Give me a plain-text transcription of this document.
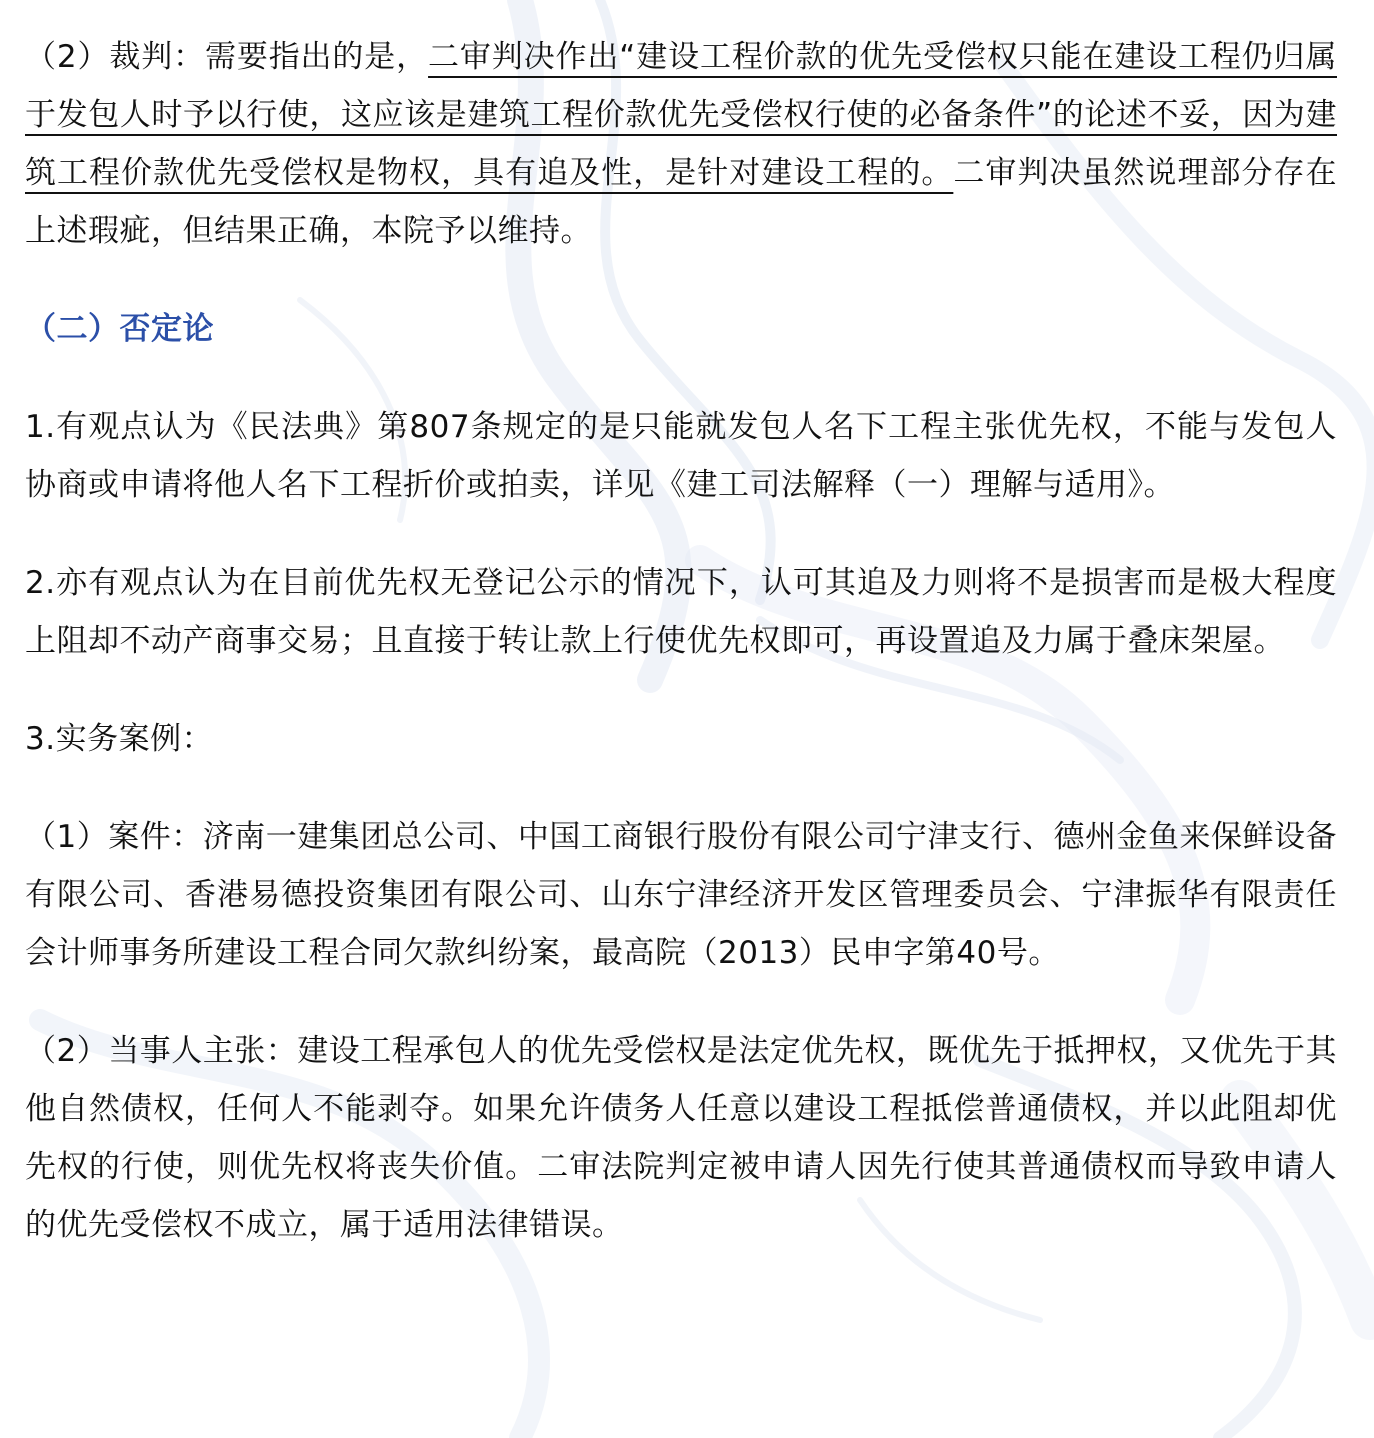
（2）裁判：需要指出的是，二审判决作出“建设工程价款的优先受偿权只能在建设工程仍归属于发包人时予以行使，这应该是建筑工程价款优先受偿权行使的必备条件”的论述不妥，因为建筑工程价款优先受偿权是物权，具有追及性，是针对建设工程的。二审判决虽然说理部分存在上述瑕疵，但结果正确，本院予以维持。

（二）否定论

1.有观点认为《民法典》第807条规定的是只能就发包人名下工程主张优先权，不能与发包人协商或申请将他人名下工程折价或拍卖，详见《建工司法解释（一）理解与适用》。

2.亦有观点认为在目前优先权无登记公示的情况下，认可其追及力则将不是损害而是极大程度上阻却不动产商事交易；且直接于转让款上行使优先权即可，再设置追及力属于叠床架屋。

3.实务案例：

（1）案件：济南一建集团总公司、中国工商银行股份有限公司宁津支行、德州金鱼来保鲜设备有限公司、香港易德投资集团有限公司、山东宁津经济开发区管理委员会、宁津振华有限责任会计师事务所建设工程合同欠款纠纷案，最高院（2013）民申字第40号。

（2）当事人主张：建设工程承包人的优先受偿权是法定优先权，既优先于抵押权，又优先于其他自然债权，任何人不能剥夺。如果允许债务人任意以建设工程抵偿普通债权，并以此阻却优先权的行使，则优先权将丧失价值。二审法院判定被申请人因先行使其普通债权而导致申请人的优先受偿权不成立，属于适用法律错误。
